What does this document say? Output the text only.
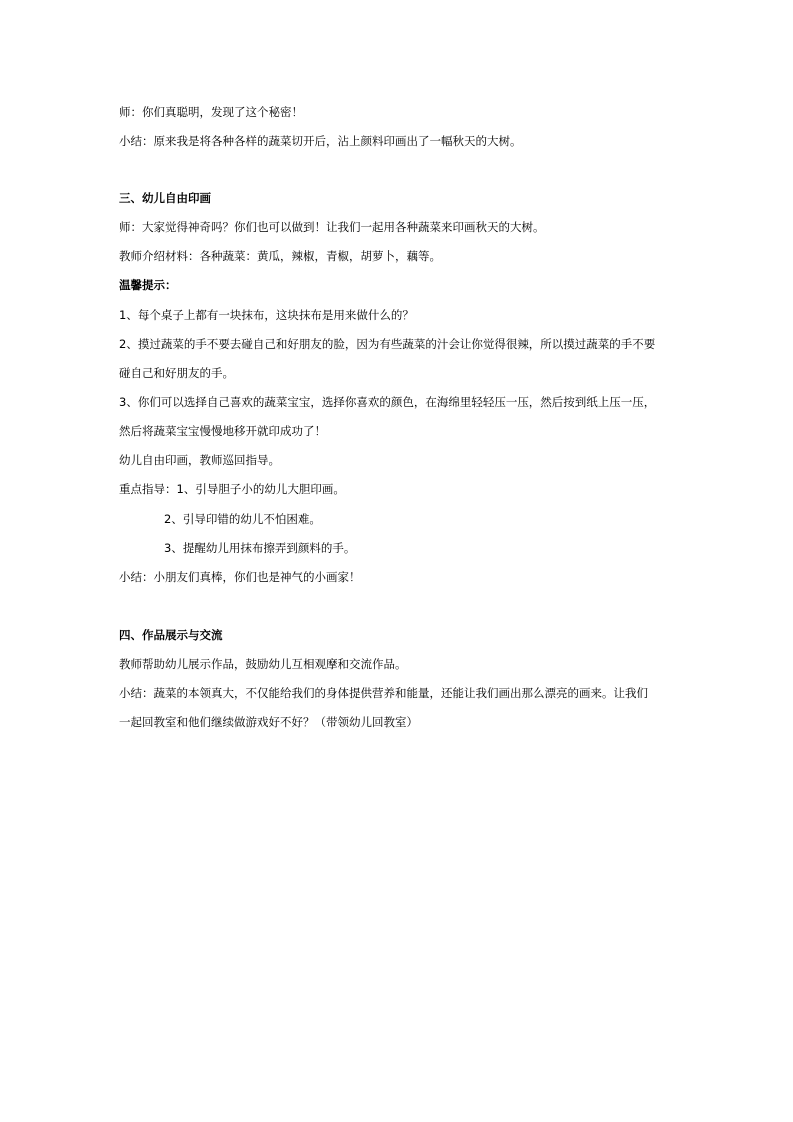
师：你们真聪明，发现了这个秘密！
小结：原来我是将各种各样的蔬菜切开后，沾上颜料印画出了一幅秋天的大树。
三、幼儿自由印画
师：大家觉得神奇吗？你们也可以做到！让我们一起用各种蔬菜来印画秋天的大树。
教师介绍材料：各种蔬菜：黄瓜，辣椒，青椒，胡萝卜，藕等。
温馨提示：
1、每个桌子上都有一块抹布，这块抹布是用来做什么的？
2、摸过蔬菜的手不要去碰自己和好朋友的脸，因为有些蔬菜的汁会让你觉得很辣，所以摸过蔬菜的手不要
碰自己和好朋友的手。
3、你们可以选择自己喜欢的蔬菜宝宝，选择你喜欢的颜色，在海绵里轻轻压一压，然后按到纸上压一压，
然后将蔬菜宝宝慢慢地移开就印成功了！
幼儿自由印画，教师巡回指导。
重点指导：1、引导胆子小的幼儿大胆印画。
2、引导印错的幼儿不怕困难。
3、提醒幼儿用抹布擦弄到颜料的手。
小结：小朋友们真棒，你们也是神气的小画家！
四、作品展示与交流
教师帮助幼儿展示作品，鼓励幼儿互相观摩和交流作品。
小结：蔬菜的本领真大，不仅能给我们的身体提供营养和能量，还能让我们画出那么漂亮的画来。让我们
一起回教室和他们继续做游戏好不好？（带领幼儿回教室）
